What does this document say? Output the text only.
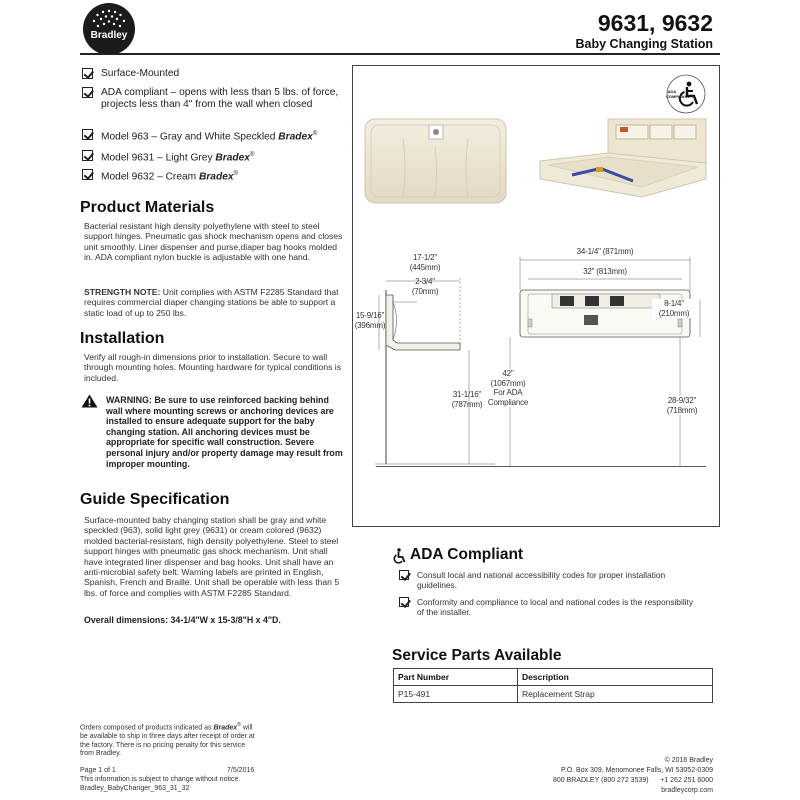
Bradley	9631, 9632
Baby Changing Station
Surface-Mounted
ADA compliant – opens with less than 5 lbs. of force, projects less than 4" from the wall when closed
Model 963 – Gray and White Speckled Bradex®
Model 9631 – Light Grey Bradex®
Model 9632 – Cream Bradex®
Product Materials
Bacterial resistant high density polyethylene with steel to steel support hinges. Pneumatic gas shock mechanism opens and closes unit smoothly. Liner dispenser and purse,diaper bag hooks molded in. ADA compliant nylon buckle is adjustable with one hand.
STRENGTH NOTE: Unit complies with ASTM F2285 Standard that requires commercial diaper changing stations be able to support a static load of up to 250 lbs.
Installation
Verify all rough-in dimensions prior to installation. Secure to wall through mounting holes. Mounting hardware for typical conditions is included.
WARNING: Be sure to use reinforced backing behind wall where mounting screws or anchoring devices are installed to ensure adequate support for the baby changing station. All anchoring devices must be appropriate for specific wall construction. Severe personal injury and/or property damage may result from improper mounting.
Guide Specification
Surface-mounted baby changing station shall be gray and white speckled (963), solid light grey (9631) or cream colored (9632) molded bacterial-resistant, high density polyethylene. Steel to steel support hinges with pneumatic gas shock mechanism. Unit shall have integrated liner dispenser and bag hooks. Unit shall have an anti-microbial safety belt. Warning labels are printed in English, Spanish, French and Braille. Unit shall be operable with less than 5 lbs. of force and complies with ASTM F2285 Standard.
Overall dimensions: 34-1/4"W x 15-3/8"H x 4"D.
ADA COMPLIANT
17-1/2"
(445mm)
2-3/4"
(70mm)
15-9/16"
(396mm)
31-1/16"
(787mm)
34-1/4" (871mm)
32" (813mm)
8-1/4"
(210mm)
42"
(1067mm)
For ADA
Compliance	28-9/32"
(718mm)
ADA Compliant
Consult local and national accessibility codes for proper installation guidelines.
Conformity and compliance to local and national codes is the responsibility of the installer.
Service Parts Available
Part Number	Description
P15-491	Replacement Strap
Orders composed of products indicated as Bradex® will be available to ship in three days after receipt of order at the factory. There is no pricing penalty for this service from Bradley.
Page 1 of 1	7/5/2016
This information is subject to change without notice.
Bradley_BabyChanger_963_31_32
© 2016 Bradley
P.O. Box 309, Menomonee Falls, WI 53052-0309
800 BRADLEY (800 272 3539)      +1 262 251 6000
bradleycorp.com
